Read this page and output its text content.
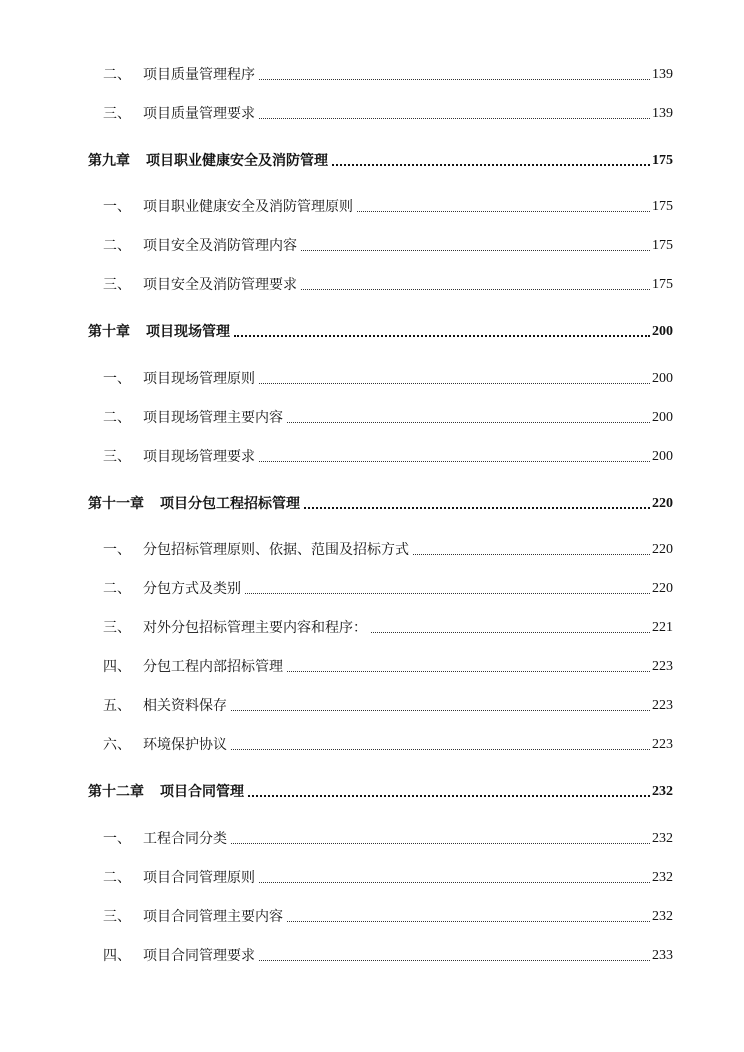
二、 项目质量管理程序	139
三、 项目质量管理要求	139
第九章 项目职业健康安全及消防管理	175
一、 项目职业健康安全及消防管理原则	175
二、 项目安全及消防管理内容	175
三、 项目安全及消防管理要求	175
第十章 项目现场管理	200
一、 项目现场管理原则	200
二、 项目现场管理主要内容	200
三、 项目现场管理要求	200
第十一章 项目分包工程招标管理	220
一、 分包招标管理原则、依据、范围及招标方式	220
二、 分包方式及类别	220
三、 对外分包招标管理主要内容和程序：	221
四、 分包工程内部招标管理	223
五、 相关资料保存	223
六、 环境保护协议	223
第十二章 项目合同管理	232
一、 工程合同分类	232
二、 项目合同管理原则	232
三、 项目合同管理主要内容	232
四、 项目合同管理要求	233
